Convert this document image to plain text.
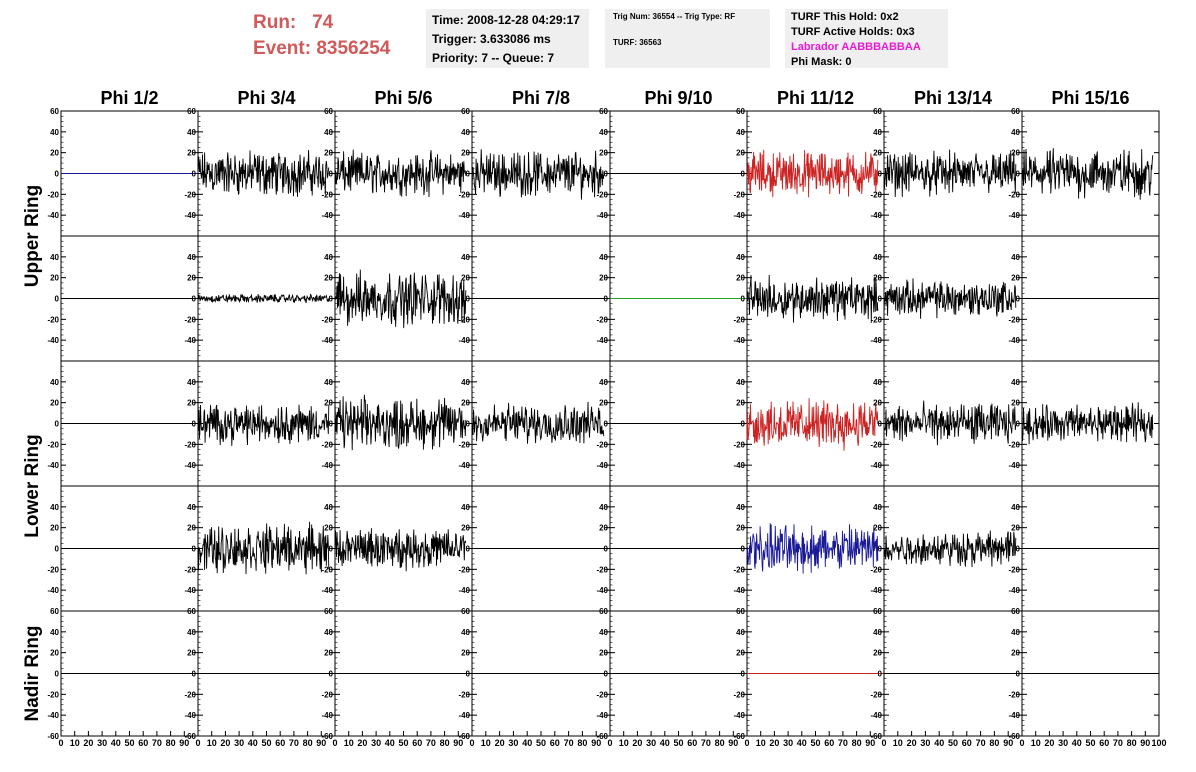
Run: 74
Event: 8356254
Time: 2008-12-28 04:29:17
Trigger: 3.633086 ms
Priority: 7 -- Queue: 7
Trig Num: 36554 -- Trig Type: RF
TURF: 36563
TURF This Hold: 0x2
TURF Active Holds: 0x3
Labrador AABBBABBAA
Phi Mask: 0
Phi 1/2	Phi 3/4	Phi 5/6	Phi 7/8	Phi 9/10	Phi 11/12	Phi 13/14	Phi 15/16
Upper Ring
Lower Ring
Nadir Ring
60
40
20
0
-20
-40
60
40
20
0
-20
-40
60
40
20
0
-20
-40
60
40
20
0
-20
-40
60
40
20
0
-20
-40
60
40
20
0
-20
-40
60
40
20
0
-20
-40
60
40
20
0
-20
-40
40
20
0
-20
-40
40
20
0
-20
-40
40
20
0
-20
-40
40
20
0
-20
-40
40
20
0
-20
-40
40
20
0
-20
-40
40
20
0
-20
-40
40
20
0
-20
-40
40
20
0
-20
-40
40
20
0
-20
-40
40
20
0
-20
-40
40
20
0
-20
-40
40
20
0
-20
-40
40
20
0
-20
-40
40
20
0
-20
-40
40
20
0
-20
-40
40
20
0
-20
-40
40
20
0
-20
-40
40
20
0
-20
-40
40
20
0
-20
-40
40
20
0
-20
-40
40
20
0
-20
-40
40
20
0
-20
-40
40
20
0
-20
-40
60
40
20
0
-20
-40
-60
60
40
20
0
-20
-40
-60
60
40
20
0
-20
-40
-60
60
40
20
0
-20
-40
-60
60
40
20
0
-20
-40
-60
60
40
20
0
-20
-40
-60
60
40
20
0
-20
-40
-60
60
40
20
0
-20
-40
-60
0 10 20 30 40 50 60 70 80 90 0 10 20 30 40 50 60 70 80 90 0 10 20 30 40 50 60 70 80 90 0 10 20 30 40 50 60 70 80 90 0 10 20 30 40 50 60 70 80 90 0 10 20 30 40 50 60 70 80 90 0 10 20 30 40 50 60 70 80 90 0 10 20 30 40 50 60 70 80 90 100
